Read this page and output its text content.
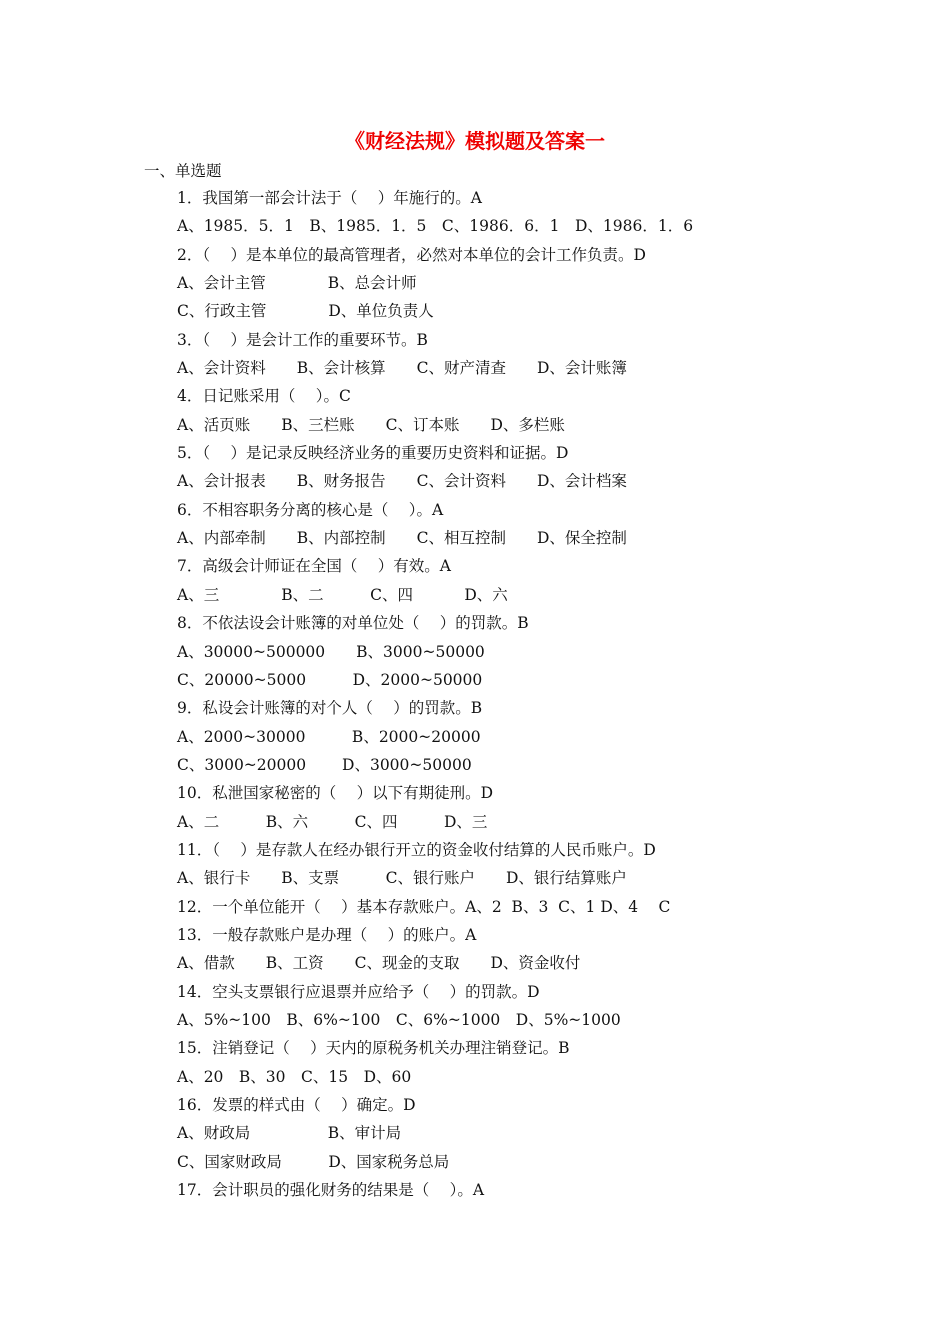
《财经法规》模拟题及答案一
一、单选题
1．我国第一部会计法于（　 ）年施行的。A
A、1985．5．1　B、1985．1．5　C、1986．6．1　D、1986．1．6
2．（　 ）是本单位的最高管理者，必然对本单位的会计工作负责。D
A、会计主管　　　　B、总会计师
C、行政主管　　　　D、单位负责人
3．（　 ）是会计工作的重要环节。B
A、会计资料　　B、会计核算　　C、财产清查　　D、会计账簿
4．日记账采用（　 ）。C
A、活页账　　B、三栏账　　C、订本账　　D、多栏账
5．（　 ）是记录反映经济业务的重要历史资料和证据。D
A、会计报表　　B、财务报告　　C、会计资料　　D、会计档案
6．不相容职务分离的核心是（　 ）。A
A、内部牵制　　B、内部控制　　C、相互控制　　D、保全控制
7．高级会计师证在全国（　 ）有效。A
A、三　　　　B、二　　　C、四　　　 D、六
8．不依法设会计账簿的对单位处（　 ）的罚款。B
A、30000~500000　　B、3000~50000
C、20000~5000　　　D、2000~50000
9．私设会计账簿的对个人（　 ）的罚款。B
A、2000~30000　　　B、2000~20000
C、3000~20000　　 D、3000~50000
10．私泄国家秘密的（　 ）以下有期徒刑。D
A、二　　　B、六　　　C、四　　　D、三
11．（　 ）是存款人在经办银行开立的资金收付结算的人民币账户。D
A、银行卡　　B、支票　　　C、银行账户　　D、银行结算账户
12．一个单位能开（　 ）基本存款账户。A、2  B、3  C、1 D、4　 C
13．一般存款账户是办理（　 ）的账户。A
A、借款　　B、工资　　C、现金的支取　　D、资金收付
14．空头支票银行应退票并应给予（　 ）的罚款。D
A、5%~100　B、6%~100　C、6%~1000　D、5%~1000
15．注销登记（　 ）天内的原税务机关办理注销登记。B
A、20　B、30　C、15　D、60
16．发票的样式由（　 ）确定。D
A、财政局　　　　　B、审计局
C、国家财政局　　　D、国家税务总局
17．会计职员的强化财务的结果是（　 ）。A
